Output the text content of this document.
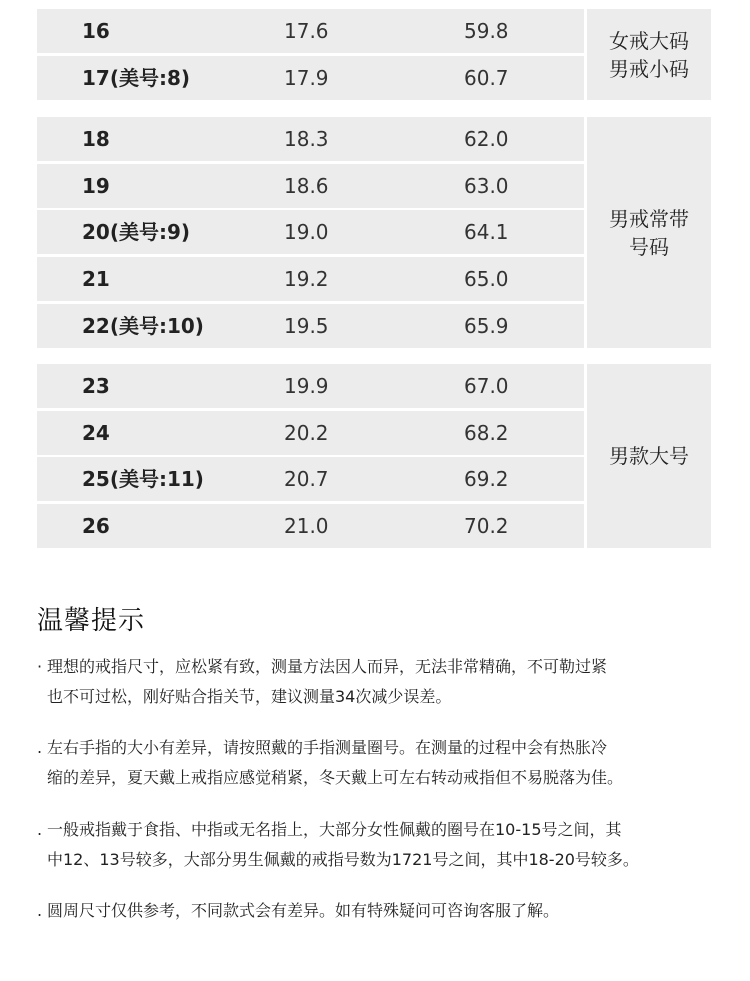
16	17.6	59.8
17(美号:8)	17.9	60.7
女戒大码
男戒小码
18	18.3	62.0
19	18.6	63.0
20(美号:9)	19.0	64.1
21	19.2	65.0
22(美号:10)	19.5	65.9
男戒常带
号码
23	19.9	67.0
24	20.2	68.2
25(美号:11)	20.7	69.2
26	21.0	70.2
男款大号
温馨提示
· 理想的戒指尺寸，应松紧有致，测量方法因人而异，无法非常精确，不可勒过紧
也不可过松，刚好贴合指关节，建议测量34次减少误差。
. 左右手指的大小有差异，请按照戴的手指测量圈号。在测量的过程中会有热胀冷
缩的差异，夏天戴上戒指应感觉稍紧，冬天戴上可左右转动戒指但不易脱落为佳。
. 一般戒指戴于食指、中指或无名指上，大部分女性佩戴的圈号在10-15号之间，其
中12、13号较多，大部分男生佩戴的戒指号数为1721号之间，其中18-20号较多。
. 圆周尺寸仅供参考，不同款式会有差异。如有特殊疑问可咨询客服了解。
